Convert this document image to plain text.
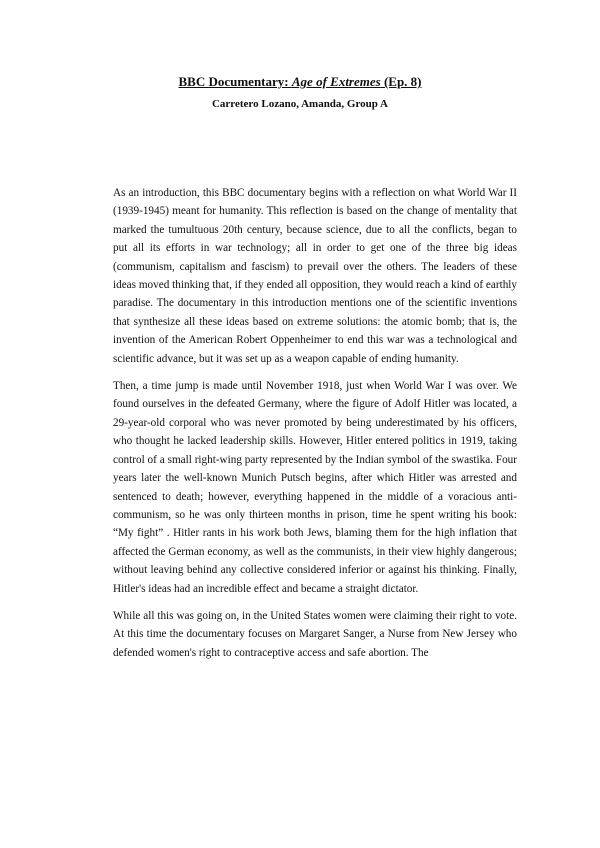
BBC Documentary: Age of Extremes (Ep. 8)
Carretero Lozano, Amanda, Group A

As an introduction, this BBC documentary begins with a reflection on what World War II (1939-1945) meant for humanity. This reflection is based on the change of mentality that marked the tumultuous 20th century, because science, due to all the conflicts, began to put all its efforts in war technology; all in order to get one of the three big ideas (communism, capitalism and fascism) to prevail over the others. The leaders of these ideas moved thinking that, if they ended all opposition, they would reach a kind of earthly paradise. The documentary in this introduction mentions one of the scientific inventions that synthesize all these ideas based on extreme solutions: the atomic bomb; that is, the invention of the American Robert Oppenheimer to end this war was a technological and scientific advance, but it was set up as a weapon capable of ending humanity.

Then, a time jump is made until November 1918, just when World War I was over. We found ourselves in the defeated Germany, where the figure of Adolf Hitler was located, a 29-year-old corporal who was never promoted by being underestimated by his officers, who thought he lacked leadership skills. However, Hitler entered politics in 1919, taking control of a small right-wing party represented by the Indian symbol of the swastika. Four years later the well-known Munich Putsch begins, after which Hitler was arrested and sentenced to death; however, everything happened in the middle of a voracious anti-communism, so he was only thirteen months in prison, time he spent writing his book: “My fight” . Hitler rants in his work both Jews, blaming them for the high inflation that affected the German economy, as well as the communists, in their view highly dangerous; without leaving behind any collective considered inferior or against his thinking. Finally, Hitler's ideas had an incredible effect and became a straight dictator.

While all this was going on, in the United States women were claiming their right to vote. At this time the documentary focuses on Margaret Sanger, a Nurse from New Jersey who defended women's right to contraceptive access and safe abortion. The
